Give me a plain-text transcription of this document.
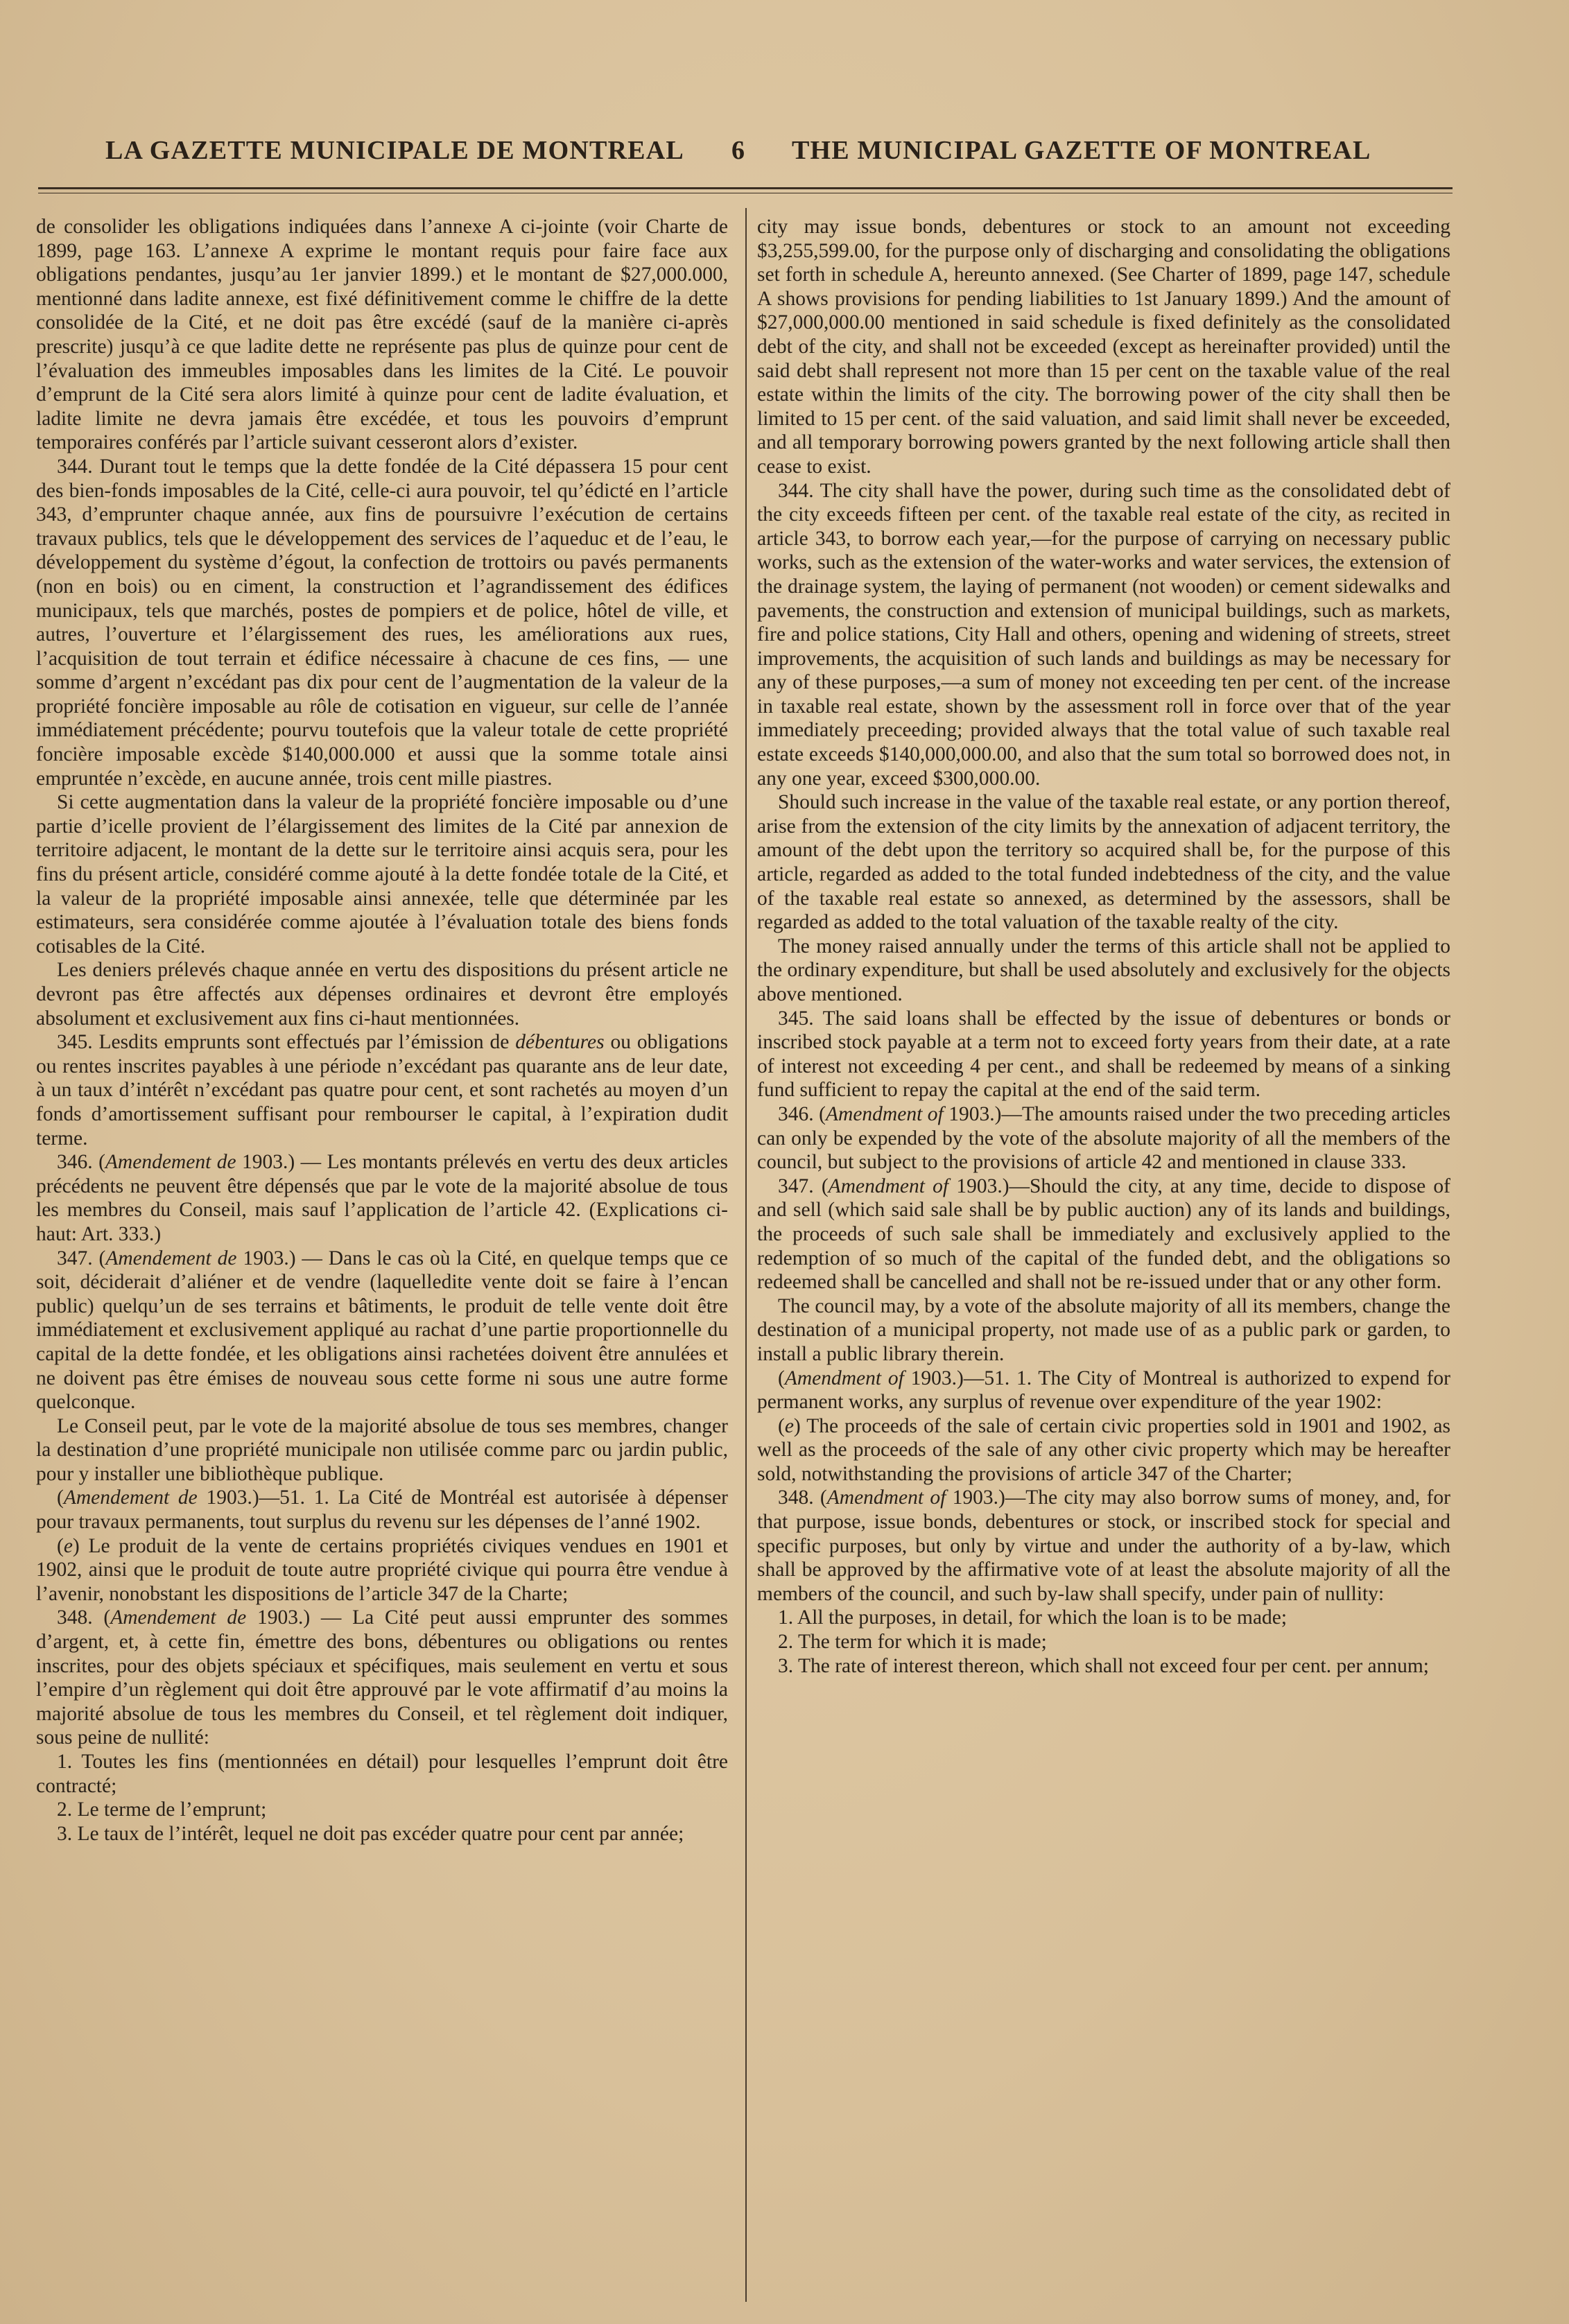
LA GAZETTE MUNICIPALE DE MONTREAL 6 THE MUNICIPAL GAZETTE OF MONTREAL

de consolider les obligations indiquées dans l’annexe A ci-jointe (voir Charte de 1899, page 163. L’annexe A exprime le montant requis pour faire face aux obligations pendantes, jusqu’au 1er janvier 1899.) et le montant de $27,000.000, mentionné dans ladite annexe, est fixé définitivement comme le chiffre de la dette consolidée de la Cité, et ne doit pas être excédé (sauf de la manière ci-après prescrite) jusqu’à ce que ladite dette ne représente pas plus de quinze pour cent de l’évaluation des immeubles imposables dans les limites de la Cité. Le pouvoir d’emprunt de la Cité sera alors limité à quinze pour cent de ladite évaluation, et ladite limite ne devra jamais être excédée, et tous les pouvoirs d’emprunt temporaires conférés par l’article suivant cesseront alors d’exister.

344. Durant tout le temps que la dette fondée de la Cité dépassera 15 pour cent des bien-fonds imposables de la Cité, celle-ci aura pouvoir, tel qu’édicté en l’article 343, d’emprunter chaque année, aux fins de poursuivre l’exécution de certains travaux publics, tels que le développement des services de l’aqueduc et de l’eau, le développement du système d’égout, la confection de trottoirs ou pavés permanents (non en bois) ou en ciment, la construction et l’agrandissement des édifices municipaux, tels que marchés, postes de pompiers et de police, hôtel de ville, et autres, l’ouverture et l’élargissement des rues, les améliorations aux rues, l’acquisition de tout terrain et édifice nécessaire à chacune de ces fins, — une somme d’argent n’excédant pas dix pour cent de l’augmentation de la valeur de la propriété foncière imposable au rôle de cotisation en vigueur, sur celle de l’année immédiatement précédente; pourvu toutefois que la valeur totale de cette propriété foncière imposable excède $140,000.000 et aussi que la somme totale ainsi empruntée n’excède, en aucune année, trois cent mille piastres.

Si cette augmentation dans la valeur de la propriété foncière imposable ou d’une partie d’icelle provient de l’élargissement des limites de la Cité par annexion de territoire adjacent, le montant de la dette sur le territoire ainsi acquis sera, pour les fins du présent article, considéré comme ajouté à la dette fondée totale de la Cité, et la valeur de la propriété imposable ainsi annexée, telle que déterminée par les estimateurs, sera considérée comme ajoutée à l’évaluation totale des biens fonds cotisables de la Cité.

Les deniers prélevés chaque année en vertu des dispositions du présent article ne devront pas être affectés aux dépenses ordinaires et devront être employés absolument et exclusivement aux fins ci-haut mentionnées.

345. Lesdits emprunts sont effectués par l’émission de débentures ou obligations ou rentes inscrites payables à une période n’excédant pas quarante ans de leur date, à un taux d’intérêt n’excédant pas quatre pour cent, et sont rachetés au moyen d’un fonds d’amortissement suffisant pour rembourser le capital, à l’expiration dudit terme.

346. (Amendement de 1903.) — Les montants prélevés en vertu des deux articles précédents ne peuvent être dépensés que par le vote de la majorité absolue de tous les membres du Conseil, mais sauf l’application de l’article 42. (Explications ci-haut: Art. 333.)

347. (Amendement de 1903.) — Dans le cas où la Cité, en quelque temps que ce soit, déciderait d’aliéner et de vendre (laquelledite vente doit se faire à l’encan public) quelqu’un de ses terrains et bâtiments, le produit de telle vente doit être immédiatement et exclusivement appliqué au rachat d’une partie proportionnelle du capital de la dette fondée, et les obligations ainsi rachetées doivent être annulées et ne doivent pas être émises de nouveau sous cette forme ni sous une autre forme quelconque.

Le Conseil peut, par le vote de la majorité absolue de tous ses membres, changer la destination d’une propriété municipale non utilisée comme parc ou jardin public, pour y installer une bibliothèque publique.

(Amendement de 1903.)—51. 1. La Cité de Montréal est autorisée à dépenser pour travaux permanents, tout surplus du revenu sur les dépenses de l’anné 1902.

(e) Le produit de la vente de certains propriétés civiques vendues en 1901 et 1902, ainsi que le produit de toute autre propriété civique qui pourra être vendue à l’avenir, nonobstant les dispositions de l’article 347 de la Charte;

348. (Amendement de 1903.) — La Cité peut aussi emprunter des sommes d’argent, et, à cette fin, émettre des bons, débentures ou obligations ou rentes inscrites, pour des objets spéciaux et spécifiques, mais seulement en vertu et sous l’empire d’un règlement qui doit être approuvé par le vote affirmatif d’au moins la majorité absolue de tous les membres du Conseil, et tel règlement doit indiquer, sous peine de nullité:

1. Toutes les fins (mentionnées en détail) pour lesquelles l’emprunt doit être contracté;

2. Le terme de l’emprunt;

3. Le taux de l’intérêt, lequel ne doit pas excéder quatre pour cent par année;

city may issue bonds, debentures or stock to an amount not exceeding $3,255,599.00, for the purpose only of discharging and consolidating the obligations set forth in schedule A, hereunto annexed. (See Charter of 1899, page 147, schedule A shows provisions for pending liabilities to 1st January 1899.) And the amount of $27,000,000.00 mentioned in said schedule is fixed definitely as the consolidated debt of the city, and shall not be exceeded (except as hereinafter provided) until the said debt shall represent not more than 15 per cent on the taxable value of the real estate within the limits of the city. The borrowing power of the city shall then be limited to 15 per cent. of the said valuation, and said limit shall never be exceeded, and all temporary borrowing powers granted by the next following article shall then cease to exist.

344. The city shall have the power, during such time as the consolidated debt of the city exceeds fifteen per cent. of the taxable real estate of the city, as recited in article 343, to borrow each year,—for the purpose of carrying on necessary public works, such as the extension of the water-works and water services, the extension of the drainage system, the laying of permanent (not wooden) or cement sidewalks and pavements, the construction and extension of municipal buildings, such as markets, fire and police stations, City Hall and others, opening and widening of streets, street improvements, the acquisition of such lands and buildings as may be necessary for any of these purposes,—a sum of money not exceeding ten per cent. of the increase in taxable real estate, shown by the assessment roll in force over that of the year immediately preceeding; provided always that the total value of such taxable real estate exceeds $140,000,000.00, and also that the sum total so borrowed does not, in any one year, exceed $300,000.00.

Should such increase in the value of the taxable real estate, or any portion thereof, arise from the extension of the city limits by the annexation of adjacent territory, the amount of the debt upon the territory so acquired shall be, for the purpose of this article, regarded as added to the total funded indebtedness of the city, and the value of the taxable real estate so annexed, as determined by the assessors, shall be regarded as added to the total valuation of the taxable realty of the city.

The money raised annually under the terms of this article shall not be applied to the ordinary expenditure, but shall be used absolutely and exclusively for the objects above mentioned.

345. The said loans shall be effected by the issue of debentures or bonds or inscribed stock payable at a term not to exceed forty years from their date, at a rate of interest not exceeding 4 per cent., and shall be redeemed by means of a sinking fund sufficient to repay the capital at the end of the said term.

346. (Amendment of 1903.)—The amounts raised under the two preceding articles can only be expended by the vote of the absolute majority of all the members of the council, but subject to the provisions of article 42 and mentioned in clause 333.

347. (Amendment of 1903.)—Should the city, at any time, decide to dispose of and sell (which said sale shall be by public auction) any of its lands and buildings, the proceeds of such sale shall be immediately and exclusively applied to the redemption of so much of the capital of the funded debt, and the obligations so redeemed shall be cancelled and shall not be re-issued under that or any other form.

The council may, by a vote of the absolute majority of all its members, change the destination of a municipal property, not made use of as a public park or garden, to install a public library therein.

(Amendment of 1903.)—51. 1. The City of Montreal is authorized to expend for permanent works, any surplus of revenue over expenditure of the year 1902:

(e) The proceeds of the sale of certain civic properties sold in 1901 and 1902, as well as the proceeds of the sale of any other civic property which may be hereafter sold, notwithstanding the provisions of article 347 of the Charter;

348. (Amendment of 1903.)—The city may also borrow sums of money, and, for that purpose, issue bonds, debentures or stock, or inscribed stock for special and specific purposes, but only by virtue and under the authority of a by-law, which shall be approved by the affirmative vote of at least the absolute majority of all the members of the council, and such by-law shall specify, under pain of nullity:

1. All the purposes, in detail, for which the loan is to be made;

2. The term for which it is made;

3. The rate of interest thereon, which shall not exceed four per cent. per annum;
